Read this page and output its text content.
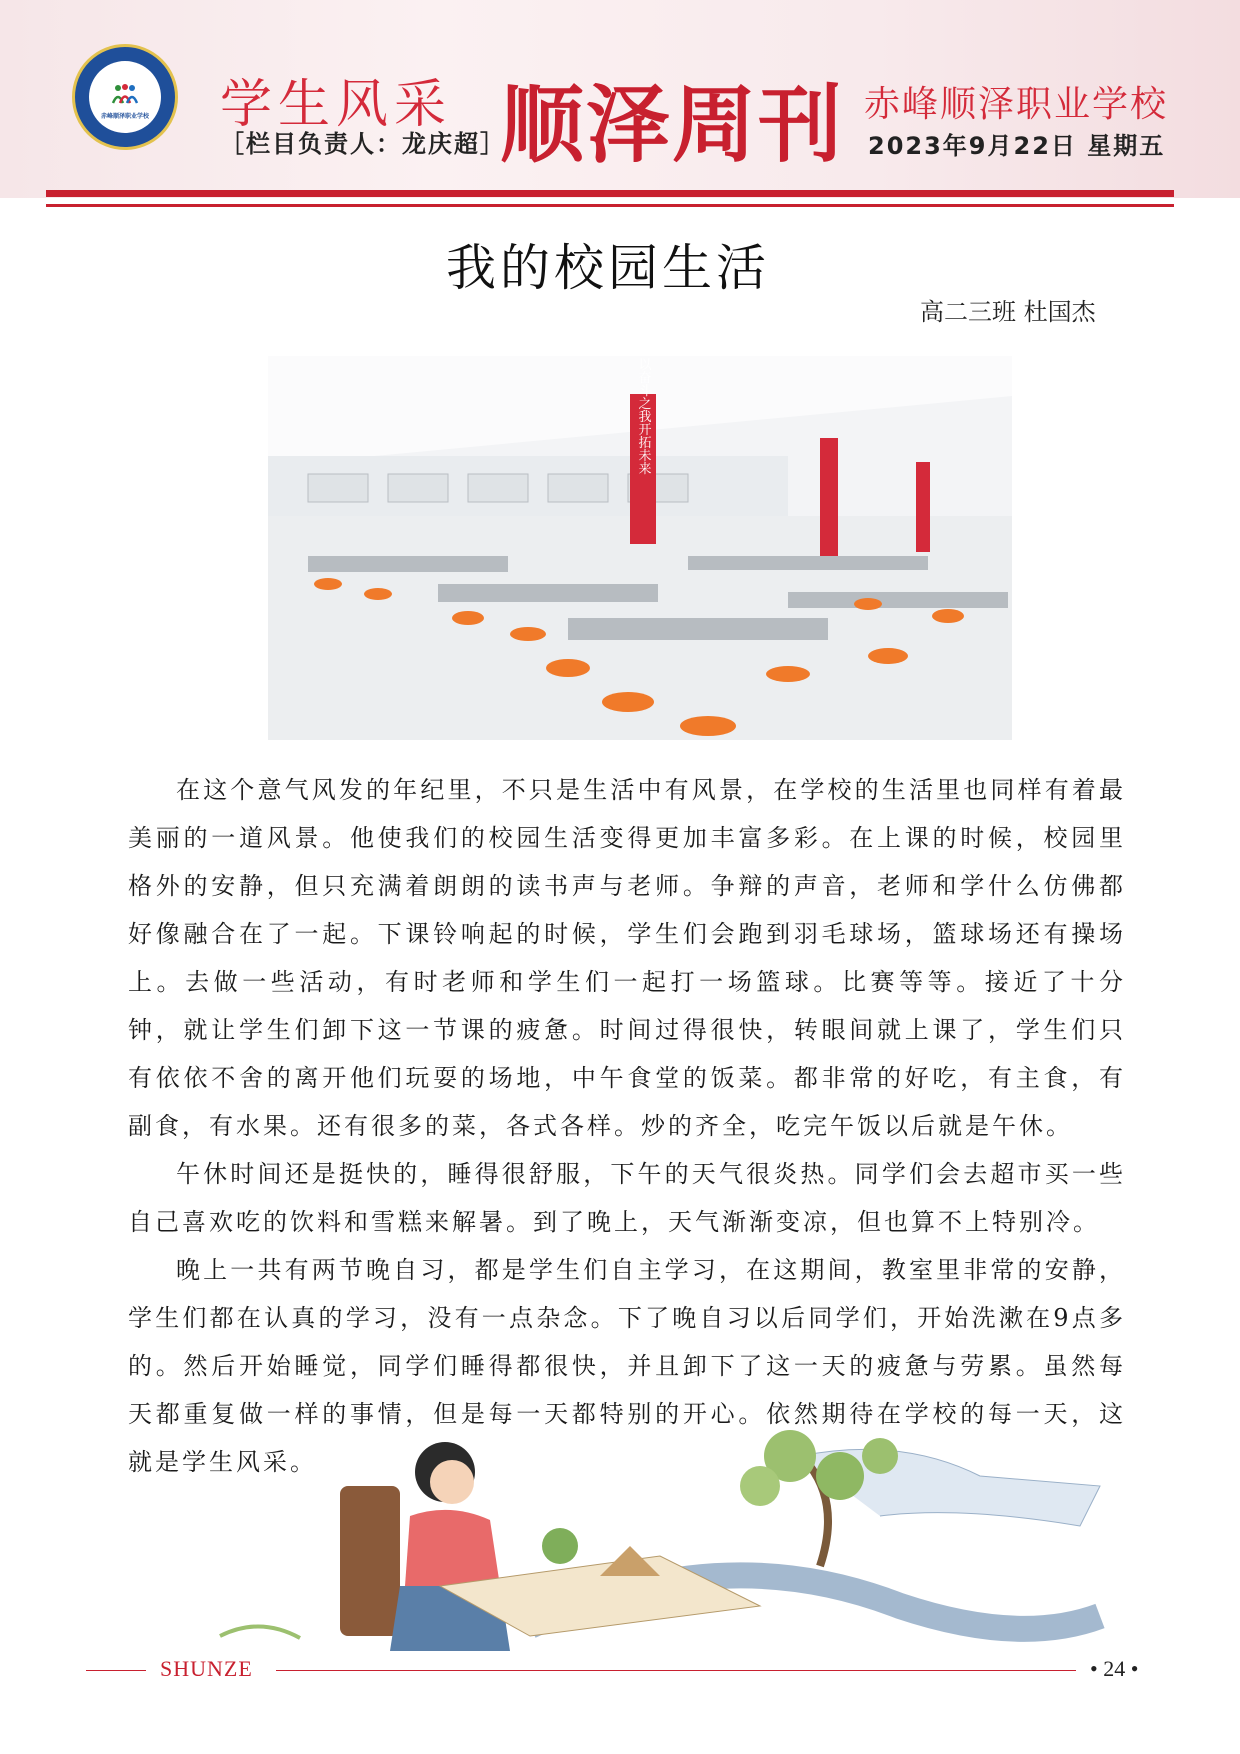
赤峰顺泽职业学校 学生风采
［栏目负责人：龙庆超］
顺泽周刊 赤峰顺泽职业学校
2023年9月22日 星期五
我的校园生活
高二三班 杜国杰
以奋斗之我开拓未来

在这个意气风发的年纪里，不只是生活中有风景，在学校的生活里也同样有着最美丽的一道风景。他使我们的校园生活变得更加丰富多彩。在上课的时候，校园里格外的安静，但只充满着朗朗的读书声与老师。争辩的声音，老师和学什么仿佛都好像融合在了一起。下课铃响起的时候，学生们会跑到羽毛球场，篮球场还有操场上。去做一些活动，有时老师和学生们一起打一场篮球。比赛等等。接近了十分钟，就让学生们卸下这一节课的疲惫。时间过得很快，转眼间就上课了，学生们只有依依不舍的离开他们玩耍的场地，中午食堂的饭菜。都非常的好吃，有主食，有副食，有水果。还有很多的菜，各式各样。炒的齐全，吃完午饭以后就是午休。

午休时间还是挺快的，睡得很舒服，下午的天气很炎热。同学们会去超市买一些自己喜欢吃的饮料和雪糕来解暑。到了晚上，天气渐渐变凉，但也算不上特别冷。

晚上一共有两节晚自习，都是学生们自主学习，在这期间，教室里非常的安静，学生们都在认真的学习，没有一点杂念。下了晚自习以后同学们，开始洗漱在9点多的。然后开始睡觉，同学们睡得都很快，并且卸下了这一天的疲惫与劳累。虽然每天都重复做一样的事情，但是每一天都特别的开心。依然期待在学校的每一天，这就是学生风采。

SHUNZE	• 24 •
